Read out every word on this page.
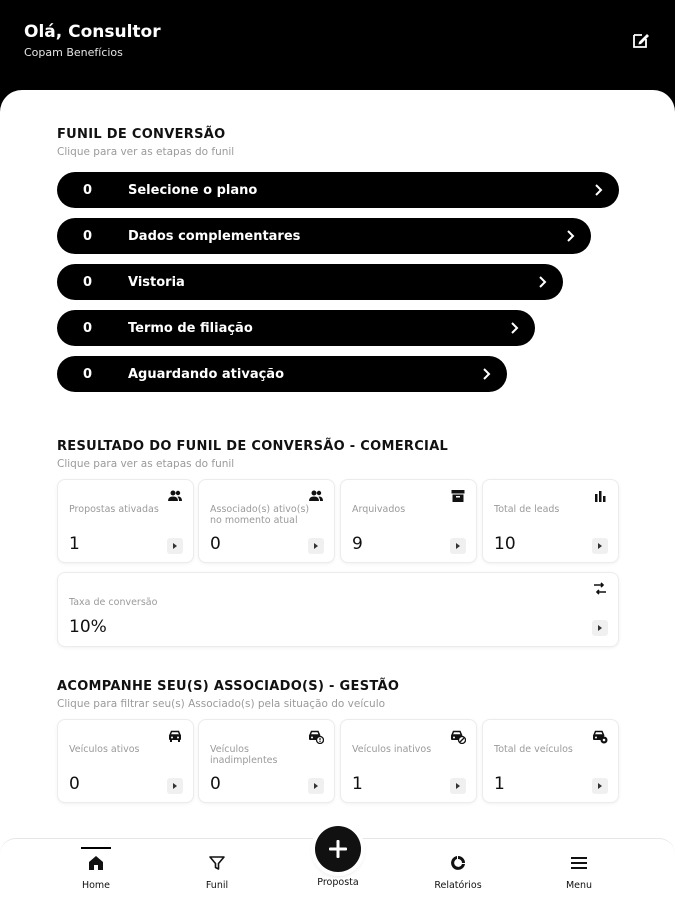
Olá, Consultor
Copam Benefícios
FUNIL DE CONVERSÃO
Clique para ver as etapas do funil
0	Selecione o plano
0	Dados complementares
0	Vistoria
0	Termo de filiação
0	Aguardando ativação
RESULTADO DO FUNIL DE CONVERSÃO - COMERCIAL
Clique para ver as etapas do funil
Propostas ativadas
1
Associado(s) ativo(s) no momento atual
0
Arquivados
9
Total de leads
10
Taxa de conversão
10%
ACOMPANHE SEU(S) ASSOCIADO(S) - GESTÃO
Clique para filtrar seu(s) Associado(s) pela situação do veículo
Veículos ativos
0
Veículos inadimplentes
0
Veículos inativos
1
Total de veículos
1
Home	Funil	Relatórios	Menu
Proposta
